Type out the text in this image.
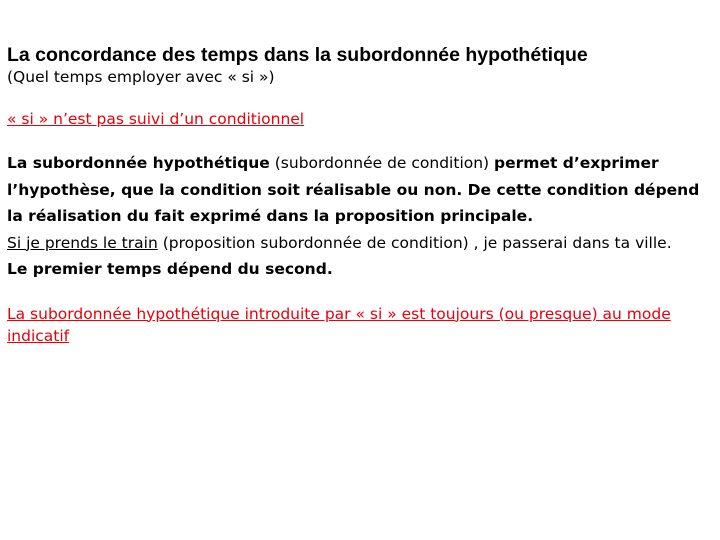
La concordance des temps dans la subordonnée hypothétique

(Quel temps employer avec « si »)

« si » n’est pas suivi d’un conditionnel

La subordonnée hypothétique (subordonnée de condition) permet d’exprimer l’hypothèse, que la condition soit réalisable ou non. De cette condition dépend la réalisation du fait exprimé dans la proposition principale.

Si je prends le train (proposition subordonnée de condition) , je passerai dans ta ville.

Le premier temps dépend du second.

La subordonnée hypothétique introduite par « si » est toujours (ou presque) au mode indicatif
